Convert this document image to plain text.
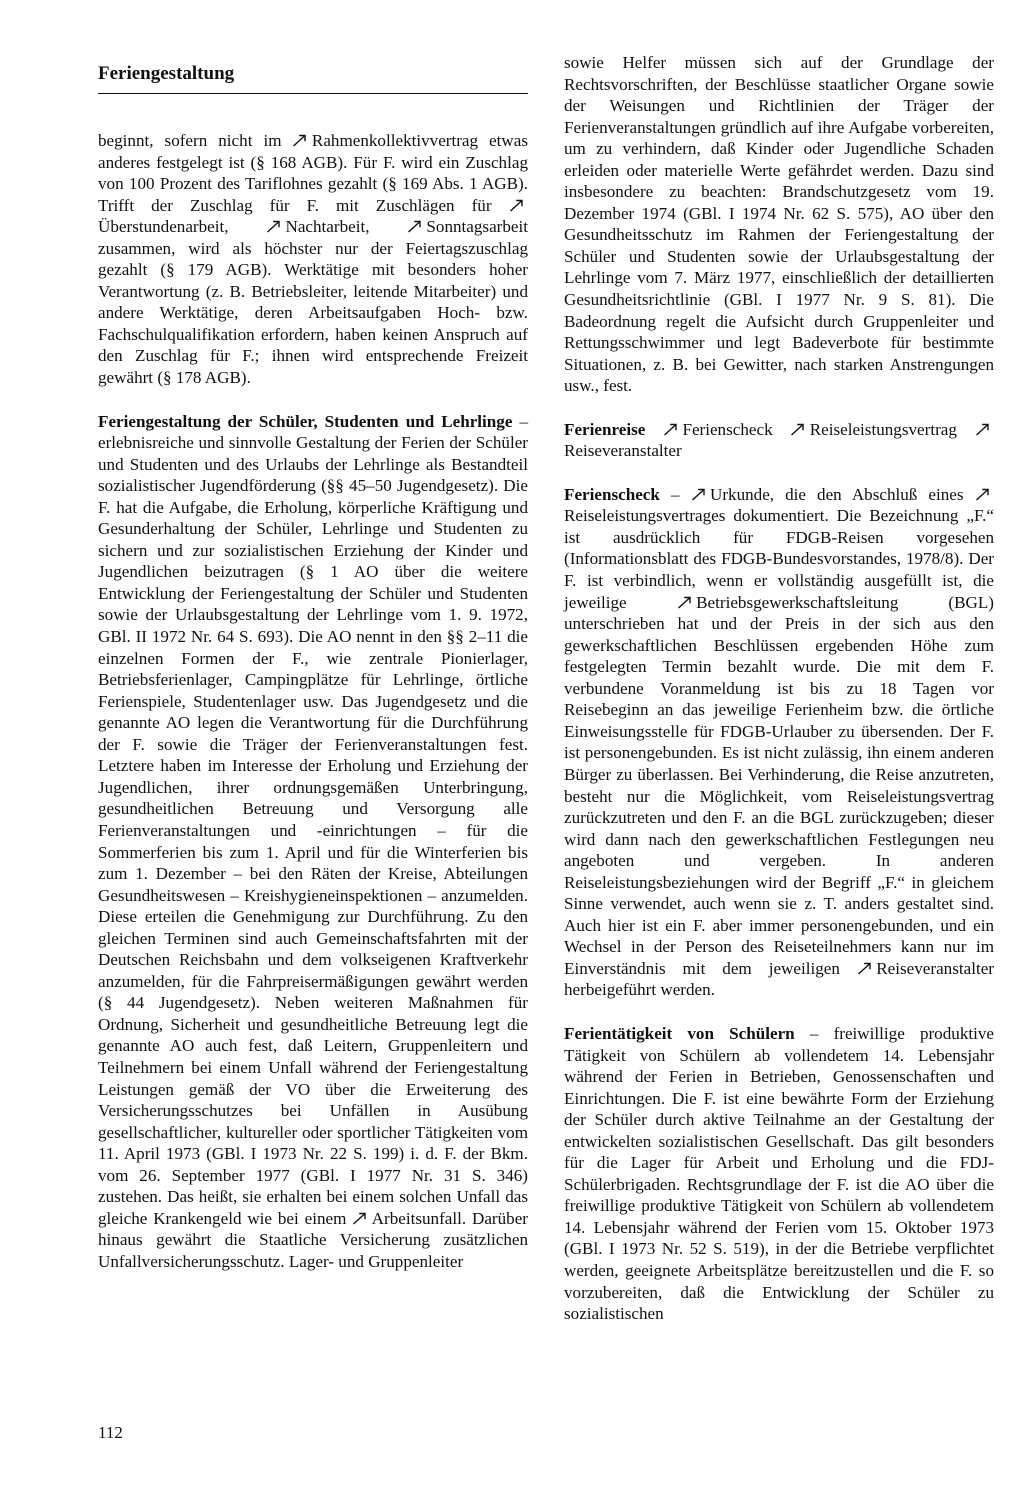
Feriengestaltung

beginnt, sofern nicht im
 Rahmenkollektivvertrag etwas anderes festgelegt ist (§ 168 AGB). Für F. wird ein Zuschlag von 100 Prozent des Tariflohnes gezahlt (§ 169 Abs. 1 AGB). Trifft der Zuschlag für F. mit Zuschlägen für
 Überstundenarbeit,
 Nachtarbeit,
 Sonntagsarbeit zusammen, wird als höchster nur der Feiertagszuschlag gezahlt (§ 179 AGB). Werktätige mit besonders hoher Verantwortung (z. B. Betriebsleiter, leitende Mitarbeiter) und andere Werktätige, deren Arbeitsaufgaben Hoch- bzw. Fachschulqualifikation erfordern, haben keinen Anspruch auf den Zuschlag für F.; ihnen wird entsprechende Freizeit gewährt (§ 178 AGB).

Feriengestaltung der Schüler, Studenten und Lehrlinge – erlebnisreiche und sinnvolle Gestaltung der Ferien der Schüler und Studenten und des Urlaubs der Lehrlinge als Bestandteil sozialistischer Jugendförderung (§§ 45–50 Jugendgesetz). Die F. hat die Aufgabe, die Erholung, körperliche Kräftigung und Gesunderhaltung der Schüler, Lehrlinge und Studenten zu sichern und zur sozialistischen Erziehung der Kinder und Jugendlichen beizutragen (§ 1 AO über die weitere Entwicklung der Feriengestaltung der Schüler und Studenten sowie der Urlaubsgestaltung der Lehrlinge vom 1. 9. 1972, GBl. II 1972 Nr. 64 S. 693). Die AO nennt in den §§ 2–11 die einzelnen Formen der F., wie zentrale Pionierlager, Betriebsferienlager, Campingplätze für Lehrlinge, örtliche Ferienspiele, Studentenlager usw. Das Jugendgesetz und die genannte AO legen die Verantwortung für die Durchführung der F. sowie die Träger der Ferienveranstaltungen fest. Letztere haben im Interesse der Erholung und Erziehung der Jugendlichen, ihrer ordnungsgemäßen Unterbringung, gesundheitlichen Betreuung und Versorgung alle Ferienveranstaltungen und -einrichtungen – für die Sommerferien bis zum 1. April und für die Winterferien bis zum 1. Dezember – bei den Räten der Kreise, Abteilungen Gesundheitswesen – Kreishygieneinspektionen – anzumelden. Diese erteilen die Genehmigung zur Durchführung. Zu den gleichen Terminen sind auch Gemeinschaftsfahrten mit der Deutschen Reichsbahn und dem volkseigenen Kraftverkehr anzumelden, für die Fahrpreisermäßigungen gewährt werden (§ 44 Jugendgesetz). Neben weiteren Maßnahmen für Ordnung, Sicherheit und gesundheitliche Betreuung legt die genannte AO auch fest, daß Leitern, Gruppenleitern und Teilnehmern bei einem Unfall während der Feriengestaltung Leistungen gemäß der VO über die Erweiterung des Versicherungsschutzes bei Unfällen in Ausübung gesellschaftlicher, kultureller oder sportlicher Tätigkeiten vom 11. April 1973 (GBl. I 1973 Nr. 22 S. 199) i. d. F. der Bkm. vom 26. September 1977 (GBl. I 1977 Nr. 31 S. 346) zustehen. Das heißt, sie erhalten bei einem solchen Unfall das gleiche Krankengeld wie bei einem
 Arbeitsunfall. Darüber hinaus gewährt die Staatliche Versicherung zusätzlichen Unfallversicherungsschutz. Lager- und Gruppenleiter

sowie Helfer müssen sich auf der Grundlage der Rechtsvorschriften, der Beschlüsse staatlicher Organe sowie der Weisungen und Richtlinien der Träger der Ferienveranstaltungen gründlich auf ihre Aufgabe vorbereiten, um zu verhindern, daß Kinder oder Jugendliche Schaden erleiden oder materielle Werte gefährdet werden. Dazu sind insbesondere zu beachten: Brandschutzgesetz vom 19. Dezember 1974 (GBl. I 1974 Nr. 62 S. 575), AO über den Gesundheitsschutz im Rahmen der Feriengestaltung der Schüler und Studenten sowie der Urlaubsgestaltung der Lehrlinge vom 7. März 1977, einschließlich der detaillierten Gesundheitsrichtlinie (GBl. I 1977 Nr. 9 S. 81). Die Badeordnung regelt die Aufsicht durch Gruppenleiter und Rettungsschwimmer und legt Badeverbote für bestimmte Situationen, z. B. bei Gewitter, nach starken Anstrengungen usw., fest.

Ferienreise
  Ferienscheck
 Reiseleistungsvertrag
 Reiseveranstalter

Ferienscheck –
 Urkunde, die den Abschluß eines
 Reiseleistungsvertrages dokumentiert. Die Bezeichnung „F.“ ist ausdrücklich für FDGB-Reisen vorgesehen (Informationsblatt des FDGB-Bundesvorstandes, 1978/8). Der F. ist verbindlich, wenn er vollständig ausgefüllt ist, die jeweilige
 Betriebsgewerkschaftsleitung (BGL) unterschrieben hat und der Preis in der sich aus den gewerkschaftlichen Beschlüssen ergebenden Höhe zum festgelegten Termin bezahlt wurde. Die mit dem F. verbundene Voranmeldung ist bis zu 18 Tagen vor Reisebeginn an das jeweilige Ferienheim bzw. die örtliche Einweisungsstelle für FDGB-Urlauber zu übersenden. Der F. ist personengebunden. Es ist nicht zulässig, ihn einem anderen Bürger zu überlassen. Bei Verhinderung, die Reise anzutreten, besteht nur die Möglichkeit, vom Reiseleistungsvertrag zurückzutreten und den F. an die BGL zurückzugeben; dieser wird dann nach den gewerkschaftlichen Festlegungen neu angeboten und vergeben. In anderen Reiseleistungsbeziehungen wird der Begriff „F.“ in gleichem Sinne verwendet, auch wenn sie z. T. anders gestaltet sind. Auch hier ist ein F. aber immer personengebunden, und ein Wechsel in der Person des Reiseteilnehmers kann nur im Einverständnis mit dem jeweiligen
 Reiseveranstalter herbeigeführt werden.

Ferientätigkeit von Schülern – freiwillige produktive Tätigkeit von Schülern ab vollendetem 14. Lebensjahr während der Ferien in Betrieben, Genossenschaften und Einrichtungen. Die F. ist eine bewährte Form der Erziehung der Schüler durch aktive Teilnahme an der Gestaltung der entwickelten sozialistischen Gesellschaft. Das gilt besonders für die Lager für Arbeit und Erholung und die FDJ-Schülerbrigaden. Rechtsgrundlage der F. ist die AO über die freiwillige produktive Tätigkeit von Schülern ab vollendetem 14. Lebensjahr während der Ferien vom 15. Oktober 1973 (GBl. I 1973 Nr. 52 S. 519), in der die Betriebe verpflichtet werden, geeignete Arbeitsplätze bereitzustellen und die F. so vorzubereiten, daß die Entwicklung der Schüler zu sozialistischen

112
